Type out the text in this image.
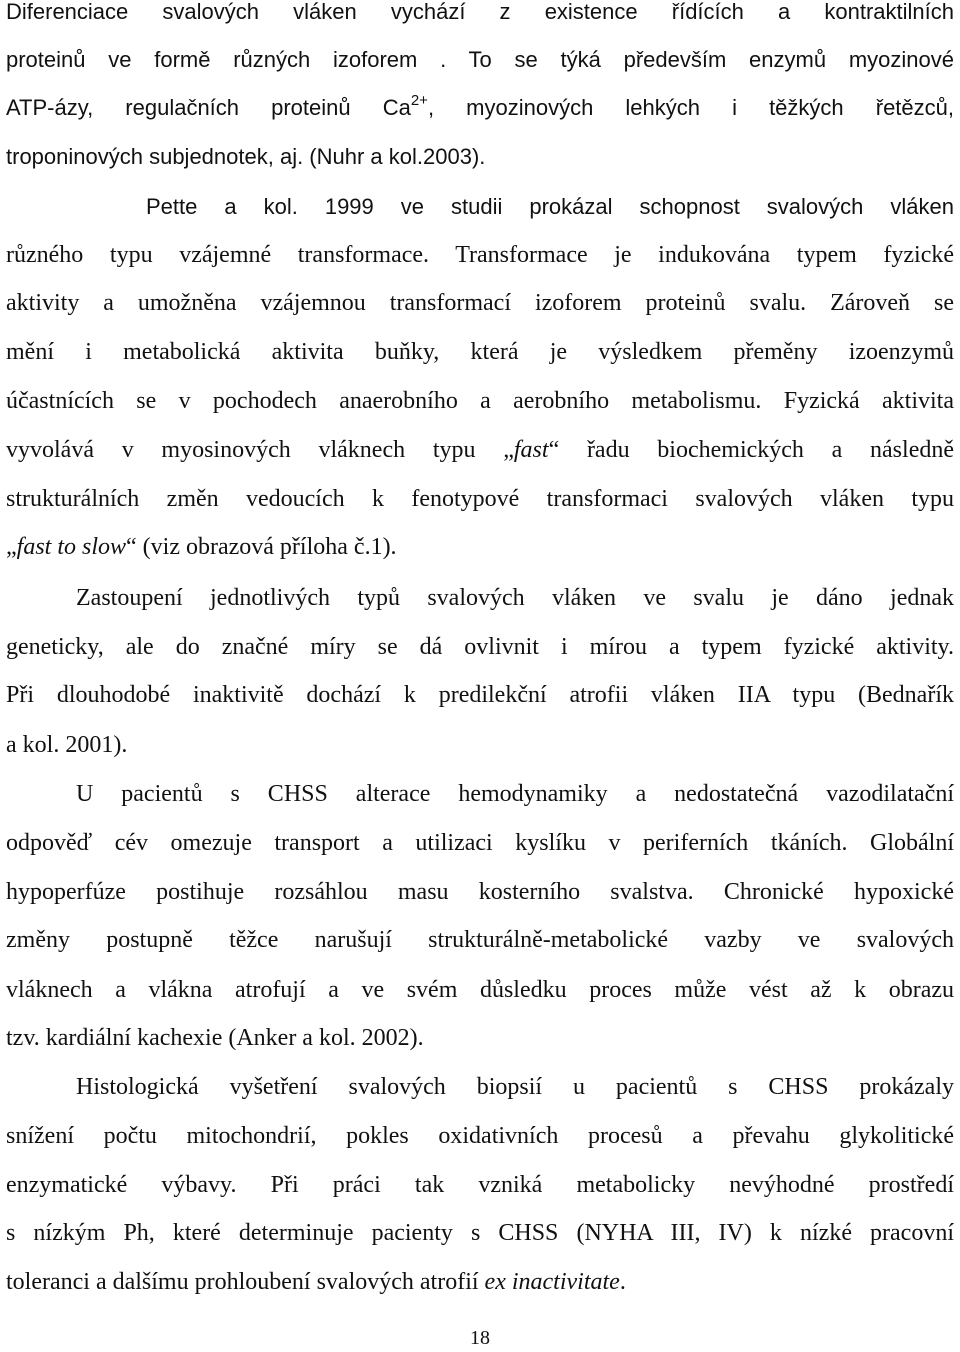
Diferenciace svalových vláken vychází z existence řídících a kontraktilních
proteinů ve formě různých izoforem . To se týká především enzymů myozinové
ATP-ázy, regulačních proteinů $Ca^{2+}$, myozinových lehkých i těžkých řetězců,
troponinových subjednotek, aj. (Nuhr a kol.2003).
Pette a kol. 1999 ve studii prokázal schopnost svalových vláken
různého typu vzájemné transformace. Transformace je indukována typem fyzické
aktivity a umožněna vzájemnou transformací izoforem proteinů svalu. Zároveň se
mění i metabolická aktivita buňky, která je výsledkem přeměny izoenzymů
účastnících se v pochodech anaerobního a aerobního metabolismu. Fyzická aktivita
vyvolává v myosinových vláknech typu „fast“ řadu biochemických a následně
strukturálních změn vedoucích k fenotypové transformaci svalových vláken typu
„fast to slow“ (viz obrazová příloha č.1).
Zastoupení jednotlivých typů svalových vláken ve svalu je dáno jednak
geneticky, ale do značné míry se dá ovlivnit i mírou a typem fyzické aktivity.
Při dlouhodobé inaktivitě dochází k predilekční atrofii vláken IIA typu (Bednařík
a kol. 2001).
U pacientů s CHSS alterace hemodynamiky a nedostatečná vazodilatační
odpověď cév omezuje transport a utilizaci kyslíku v periferních tkáních. Globální
hypoperfúze postihuje rozsáhlou masu kosterního svalstva. Chronické hypoxické
změny postupně těžce narušují strukturálně-metabolické vazby ve svalových
vláknech a vlákna atrofují a ve svém důsledku proces může vést až k obrazu
tzv. kardiální kachexie (Anker a kol. 2002).
Histologická vyšetření svalových biopsií u pacientů s CHSS prokázaly
snížení počtu mitochondrií, pokles oxidativních procesů a převahu glykolitické
enzymatické výbavy. Při práci tak vzniká metabolicky nevýhodné prostředí
s nízkým Ph, které determinuje pacienty s CHSS (NYHA III, IV) k nízké pracovní
toleranci a dalšímu prohloubení svalových atrofií ex inactivitate.
18
